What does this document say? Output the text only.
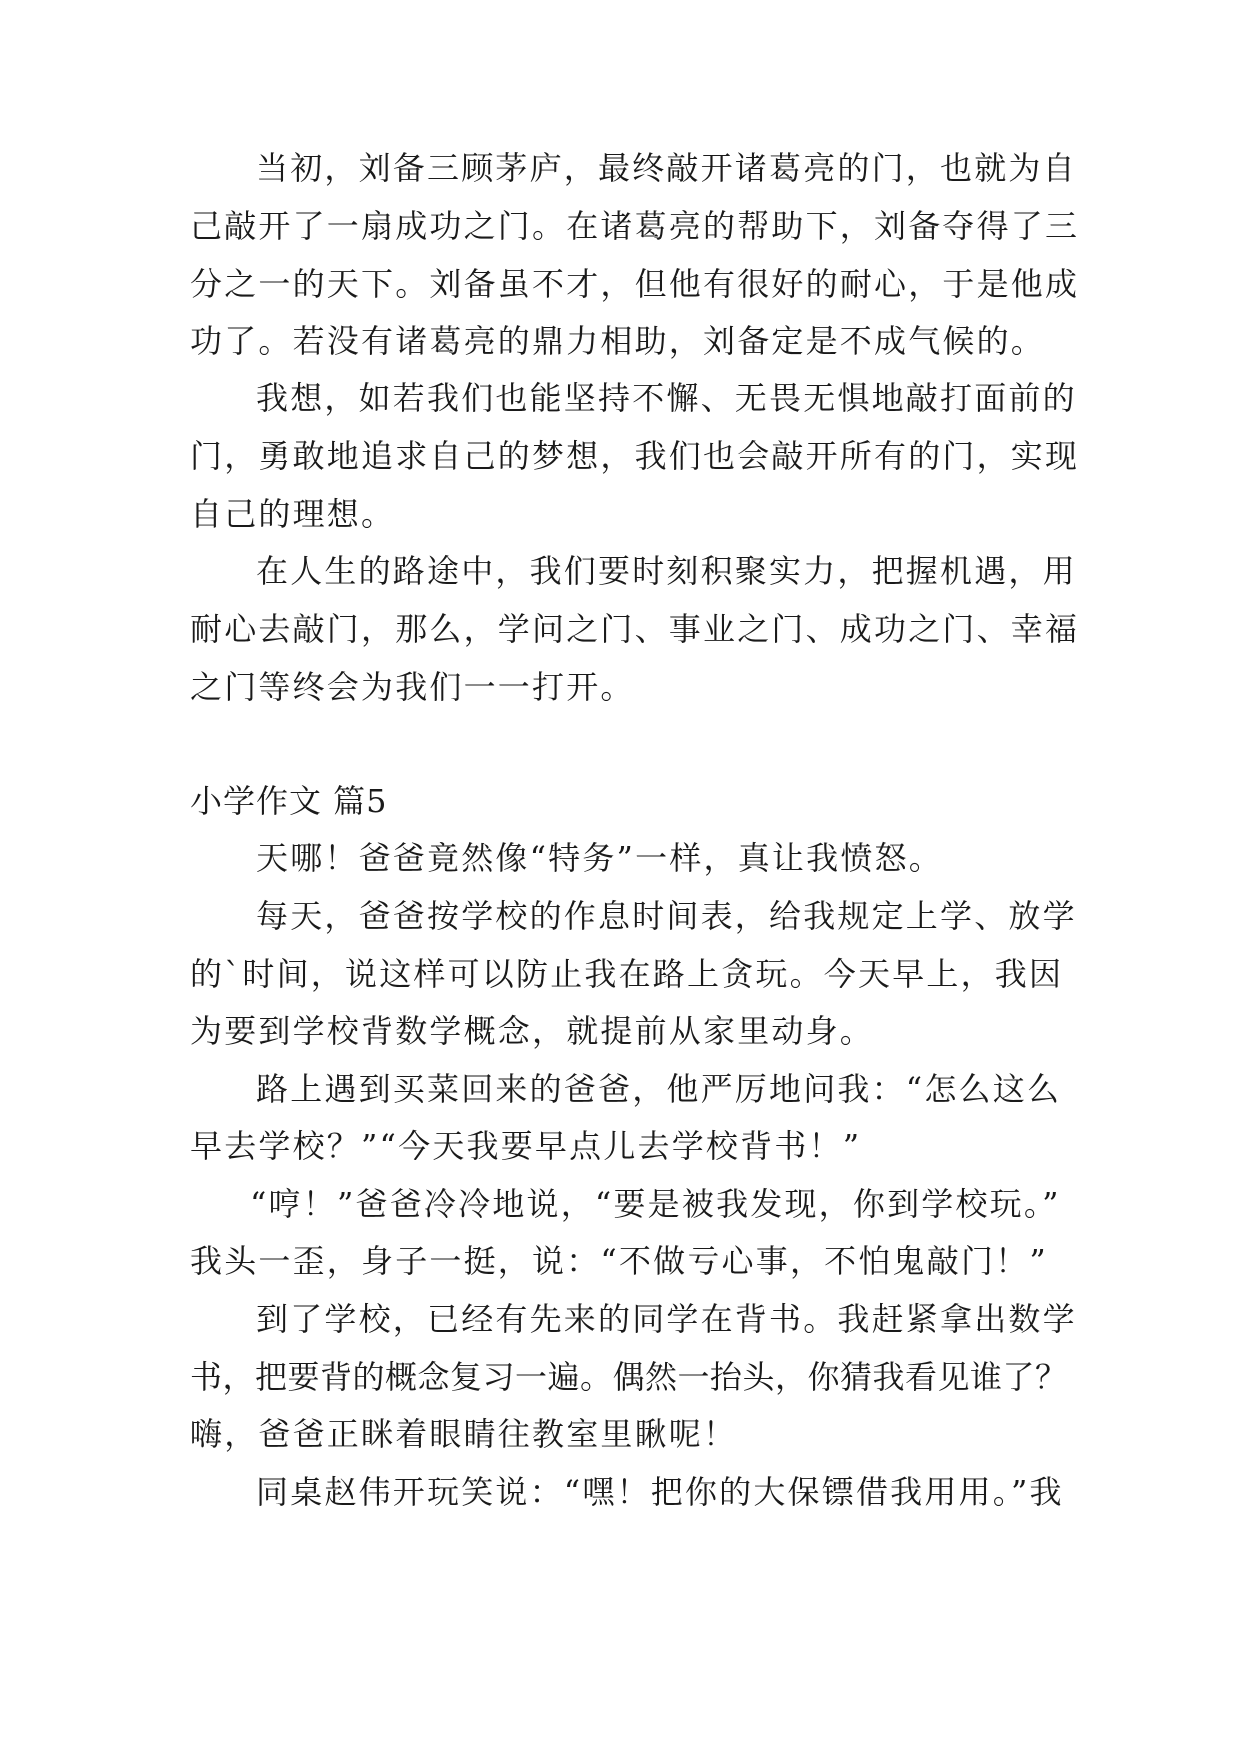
当初，刘备三顾茅庐，最终敲开诸葛亮的门，也就为自
己敲开了一扇成功之门。在诸葛亮的帮助下，刘备夺得了三
分之一的天下。刘备虽不才，但他有很好的耐心，于是他成
功了。若没有诸葛亮的鼎力相助，刘备定是不成气候的。
我想，如若我们也能坚持不懈、无畏无惧地敲打面前的
门，勇敢地追求自己的梦想，我们也会敲开所有的门，实现
自己的理想。
在人生的路途中，我们要时刻积聚实力，把握机遇，用
耐心去敲门，那么，学问之门、事业之门、成功之门、幸福
之门等终会为我们一一打开。
小学作文 篇5
天哪！爸爸竟然像“特务”一样，真让我愤怒。
每天，爸爸按学校的作息时间表，给我规定上学、放学
的`时间，说这样可以防止我在路上贪玩。今天早上，我因
为要到学校背数学概念，就提前从家里动身。
路上遇到买菜回来的爸爸，他严厉地问我：“怎么这么
早去学校？”“今天我要早点儿去学校背书！”
“哼！”爸爸冷冷地说，“要是被我发现，你到学校玩。”
我头一歪，身子一挺，说：“不做亏心事，不怕鬼敲门！”
到了学校，已经有先来的同学在背书。我赶紧拿出数学
书，把要背的概念复习一遍。偶然一抬头，你猜我看见谁了？
嗨，爸爸正眯着眼睛往教室里瞅呢！
同桌赵伟开玩笑说：“嘿！把你的大保镖借我用用。”我
